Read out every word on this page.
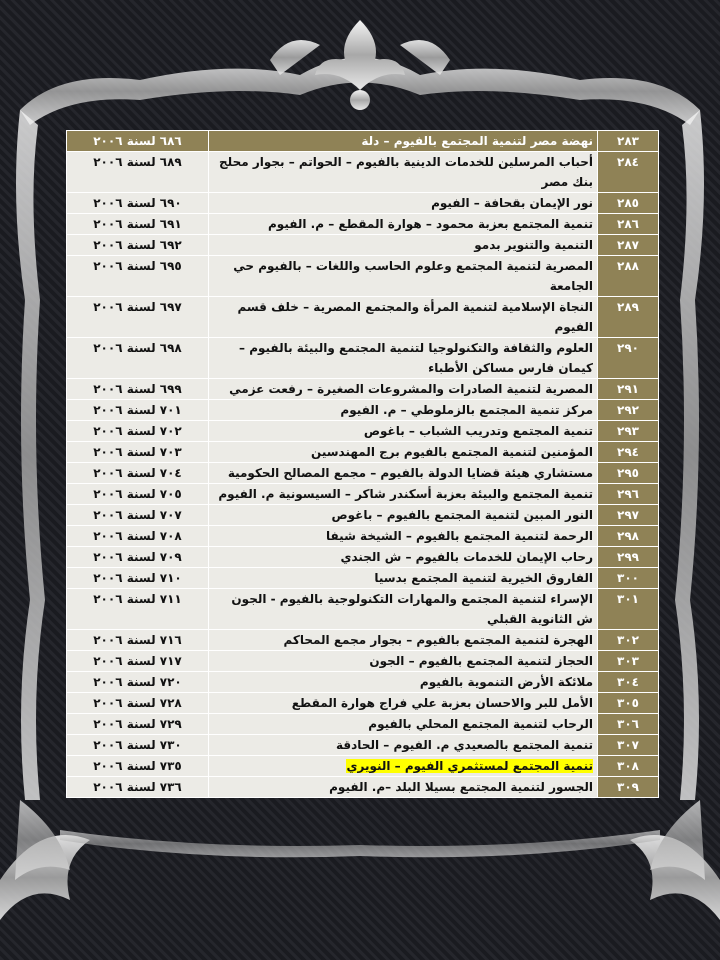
٢٨٣	نهضة مصر لتنمية المجتمع بالفيوم – دلة	٦٨٦ لسنة ٢٠٠٦
٢٨٤	أحباب المرسلين للخدمات الدينية بالفيوم – الحواتم – بجوار محلج بنك مصر	٦٨٩ لسنة ٢٠٠٦
٢٨٥	نور الإيمان بقحافة – الفيوم	٦٩٠ لسنة ٢٠٠٦
٢٨٦	تنمية المجتمع بعزبة محمود – هوارة المقطع – م. الفيوم	٦٩١ لسنة ٢٠٠٦
٢٨٧	التنمية والتنوير بدمو	٦٩٢ لسنة ٢٠٠٦
٢٨٨	المصرية لتنمية المجتمع وعلوم الحاسب واللغات – بالفيوم حي الجامعة	٦٩٥ لسنة ٢٠٠٦
٢٨٩	النجاة الإسلامية لتنمية المرأة والمجتمع المصرية – خلف قسم الفيوم	٦٩٧ لسنة ٢٠٠٦
٢٩٠	العلوم والثقافة والتكنولوجيا لتنمية المجتمع والبيئة بالفيوم – كيمان فارس مساكن الأطباء	٦٩٨ لسنة ٢٠٠٦
٢٩١	المصرية لتنمية الصادرات والمشروعات الصغيرة – رفعت عزمي	٦٩٩ لسنة ٢٠٠٦
٢٩٢	مركز تنمية المجتمع بالزملوطي – م. الفيوم	٧٠١ لسنة ٢٠٠٦
٢٩٣	تنمية المجتمع وتدريب الشباب – باغوص	٧٠٢ لسنة ٢٠٠٦
٢٩٤	المؤمنين لتنمية المجتمع بالفيوم برج المهندسين	٧٠٣ لسنة ٢٠٠٦
٢٩٥	مستشاري هيئة قضايا الدولة بالفيوم – مجمع المصالح الحكومية	٧٠٤ لسنة ٢٠٠٦
٢٩٦	تنمية المجتمع والبيئة بعزبة أسكندر شاكر – السيسونية م. الفيوم	٧٠٥ لسنة ٢٠٠٦
٢٩٧	النور المبين لتنمية المجتمع بالفيوم – باغوص	٧٠٧ لسنة ٢٠٠٦
٢٩٨	الرحمة لتنمية المجتمع بالفيوم – الشيخة شيفا	٧٠٨ لسنة ٢٠٠٦
٢٩٩	رحاب الإيمان للخدمات بالفيوم – ش الجندي	٧٠٩ لسنة ٢٠٠٦
٣٠٠	الفاروق الخيرية لتنمية المجتمع بدسيا	٧١٠ لسنة ٢٠٠٦
٣٠١	الإسراء لتنمية المجتمع والمهارات التكنولوجية بالفيوم - الجون ش الثانوية القبلي	٧١١ لسنة ٢٠٠٦
٣٠٢	الهجرة لتنمية المجتمع بالفيوم – بجوار مجمع المحاكم	٧١٦ لسنة ٢٠٠٦
٣٠٣	الحجاز لتنمية المجتمع بالفيوم – الجون	٧١٧ لسنة ٢٠٠٦
٣٠٤	ملائكة الأرض التنموية بالفيوم	٧٢٠ لسنة ٢٠٠٦
٣٠٥	الأمل للبر والاحسان بعزبة علي فراج هوارة المقطع	٧٢٨ لسنة ٢٠٠٦
٣٠٦	الرحاب لتنمية المجتمع المحلي بالفيوم	٧٢٩ لسنة ٢٠٠٦
٣٠٧	تنمية المجتمع بالصعيدي م. الفيوم – الحادقة	٧٣٠ لسنة ٢٠٠٦
٣٠٨	تنمية المجتمع لمستثمري الفيوم – النويري	٧٣٥ لسنة ٢٠٠٦
٣٠٩	الجسور لتنمية المجتمع بسيلا البلد –م. الفيوم	٧٣٦ لسنة ٢٠٠٦
